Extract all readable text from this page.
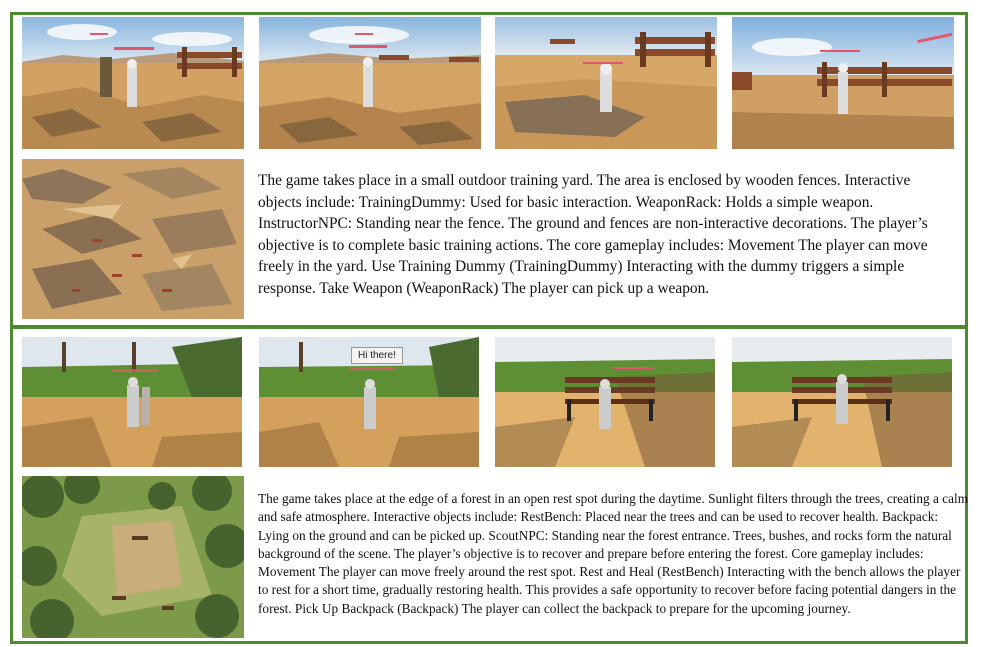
The game takes place in a small outdoor training yard. The area is enclosed by wooden fences. Interactive objects include: TrainingDummy: Used for basic interaction. WeaponRack: Holds a simple weapon. InstructorNPC: Standing near the fence. The ground and fences are non-interactive decorations. The player’s objective is to complete basic training actions. The core gameplay includes: Movement The player can move freely in the yard. Use Training Dummy (TrainingDummy) Interacting with the dummy triggers a simple response. Take Weapon (WeaponRack) The player can pick up a weapon.
Hi there!
The game takes place at the edge of a forest in an open rest spot during the daytime. Sunlight filters through the trees, creating a calm and safe atmosphere. Interactive objects include: RestBench: Placed near the trees and can be used to recover health. Backpack: Lying on the ground and can be picked up. ScoutNPC: Standing near the forest entrance. Trees, bushes, and rocks form the natural background of the scene. The player’s objective is to recover and prepare before entering the forest. Core gameplay includes: Movement The player can move freely around the rest spot. Rest and Heal (RestBench) Interacting with the bench allows the player to rest for a short time, gradually restoring health. This provides a safe opportunity to recover before facing potential dangers in the forest. Pick Up Backpack (Backpack) The player can collect the backpack to prepare for the upcoming journey.
